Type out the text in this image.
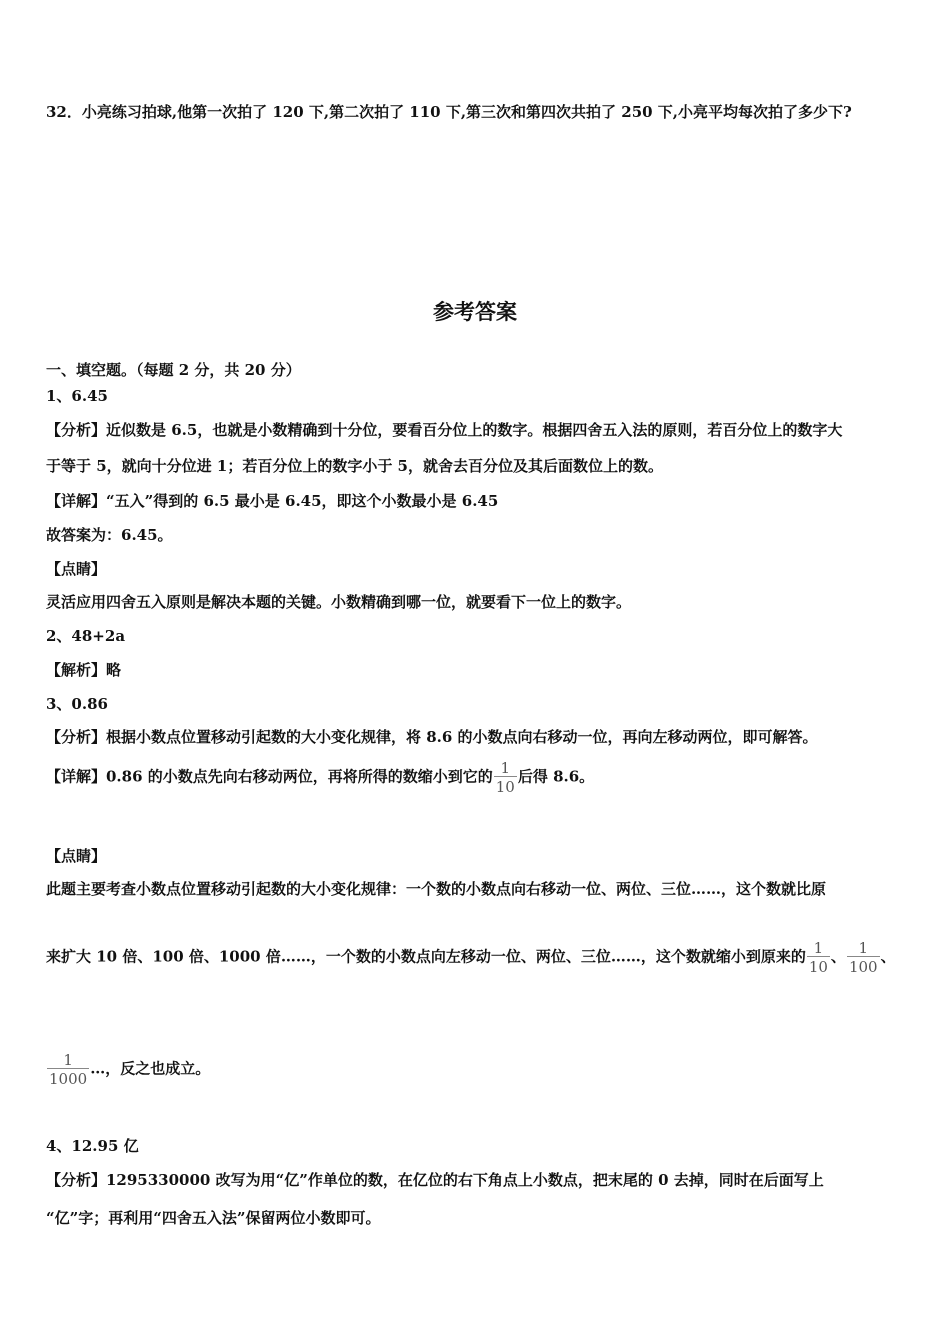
32．小亮练习拍球,他第一次拍了 120 下,第二次拍了 110 下,第三次和第四次共拍了 250 下,小亮平均每次拍了多少下?
参考答案
一、填空题。（每题 2 分，共 20 分）
1、6.45
【分析】近似数是 6.5，也就是小数精确到十分位，要看百分位上的数字。根据四舍五入法的原则，若百分位上的数字大
于等于 5，就向十分位进 1；若百分位上的数字小于 5，就舍去百分位及其后面数位上的数。
【详解】“五入”得到的 6.5 最小是 6.45，即这个小数最小是 6.45
故答案为：6.45。
【点睛】
灵活应用四舍五入原则是解决本题的关键。小数精确到哪一位，就要看下一位上的数字。
2、48+2a
【解析】略
3、0.86
【分析】根据小数点位置移动引起数的大小变化规律，将 8.6 的小数点向右移动一位，再向左移动两位，即可解答。
【详解】0.86 的小数点先向右移动两位，再将所得的数缩小到它的 $\frac{1}{10}$ 后得 8.6。
【点睛】
此题主要考查小数点位置移动引起数的大小变化规律：一个数的小数点向右移动一位、两位、三位……，这个数就比原
来扩大 10 倍、100 倍、1000 倍……，一个数的小数点向左移动一位、两位、三位……，这个数就缩小到原来的 $\frac{1}{10}$ 、 $\frac{1}{100}$ 、
$\frac{1}{1000}$ …，反之也成立。
4、12.95 亿
【分析】1295330000 改写为用“亿”作单位的数，在亿位的右下角点上小数点，把末尾的 0 去掉，同时在后面写上
“亿”字；再利用“四舍五入法”保留两位小数即可。
